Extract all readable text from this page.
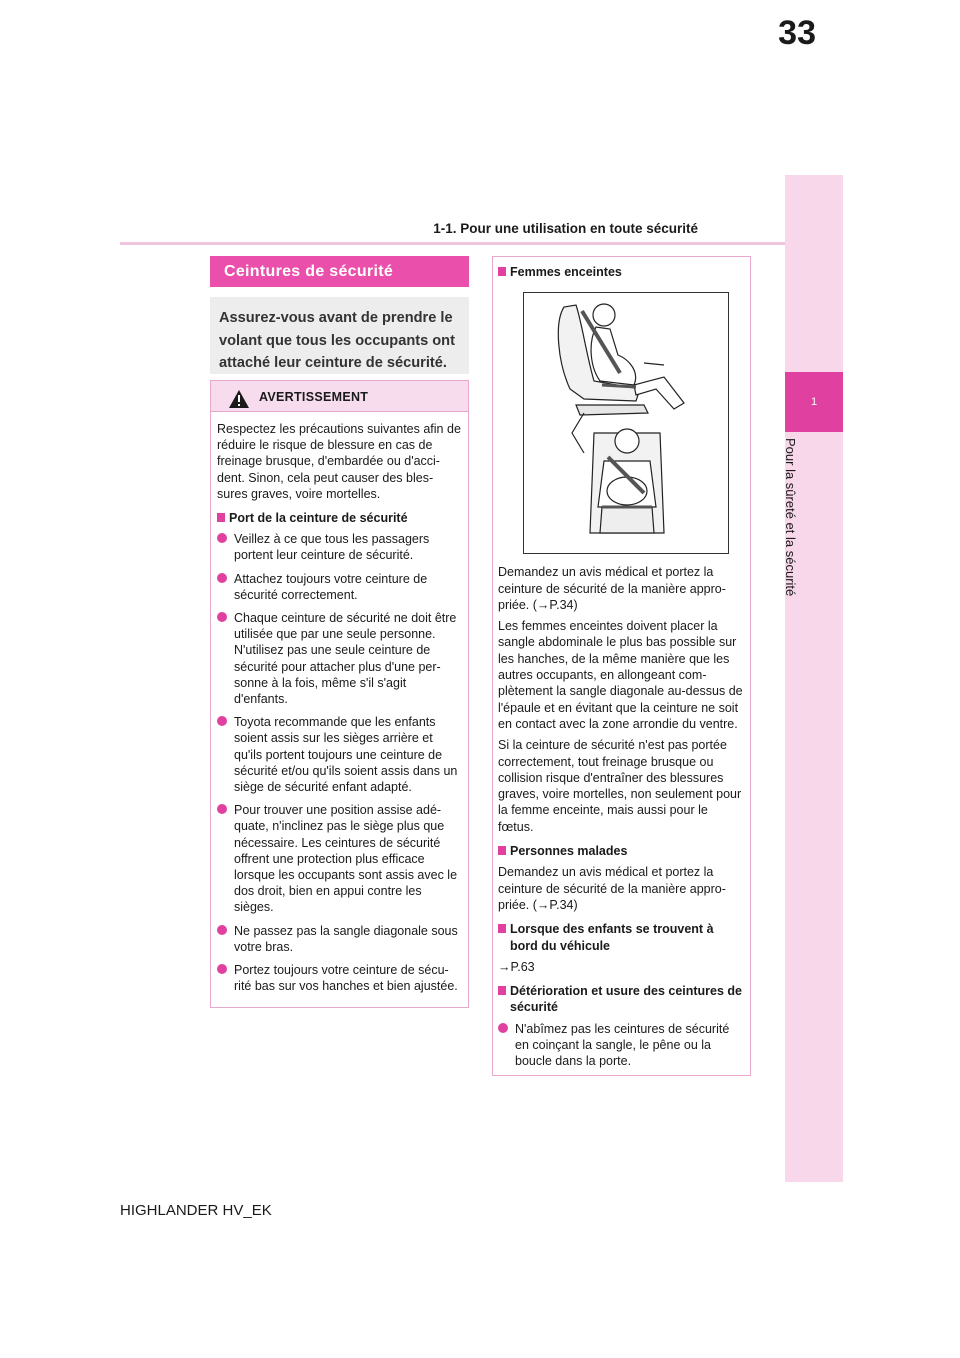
33
1-1. Pour une utilisation en toute sécurité
1
Pour la sûreté et la sécurité
Ceintures de sécurité
Assurez-vous avant de prendre le volant que tous les occupants ont attaché leur ceinture de sécurité.
AVERTISSEMENT

Respectez les précautions suivantes afin de réduire le risque de blessure en cas de freinage brusque, d'embardée ou d'acci-dent. Sinon, cela peut causer des bles-sures graves, voire mortelles.

Port de la ceinture de sécurité
Veillez à ce que tous les passagers portent leur ceinture de sécurité.
Attachez toujours votre ceinture de sécurité correctement.
Chaque ceinture de sécurité ne doit être utilisée que par une seule personne. N'utilisez pas une seule ceinture de sécurité pour attacher plus d'une per-sonne à la fois, même s'il s'agit d'enfants.
Toyota recommande que les enfants soient assis sur les sièges arrière et qu'ils portent toujours une ceinture de sécurité et/ou qu'ils soient assis dans un siège de sécurité enfant adapté.
Pour trouver une position assise adé-quate, n'inclinez pas le siège plus que nécessaire. Les ceintures de sécurité offrent une protection plus efficace lorsque les occupants sont assis avec le dos droit, bien en appui contre les sièges.
Ne passez pas la sangle diagonale sous votre bras.
Portez toujours votre ceinture de sécu-rité bas sur vos hanches et bien ajustée.
Femmes enceintes

Demandez un avis médical et portez la ceinture de sécurité de la manière appro-priée. (→P.34)

Les femmes enceintes doivent placer la sangle abdominale le plus bas possible sur les hanches, de la même manière que les autres occupants, en allongeant com-plètement la sangle diagonale au-dessus de l'épaule et en évitant que la ceinture ne soit en contact avec la zone arrondie du ventre.

Si la ceinture de sécurité n'est pas portée correctement, tout freinage brusque ou collision risque d'entraîner des blessures graves, voire mortelles, non seulement pour la femme enceinte, mais aussi pour le fœtus.

Personnes malades

Demandez un avis médical et portez la ceinture de sécurité de la manière appro-priée. (→P.34)

Lorsque des enfants se trouvent à bord du véhicule

→P.63

Détérioration et usure des ceintures de sécurité
N'abîmez pas les ceintures de sécurité en coinçant la sangle, le pêne ou la boucle dans la porte.
HIGHLANDER HV_EK
